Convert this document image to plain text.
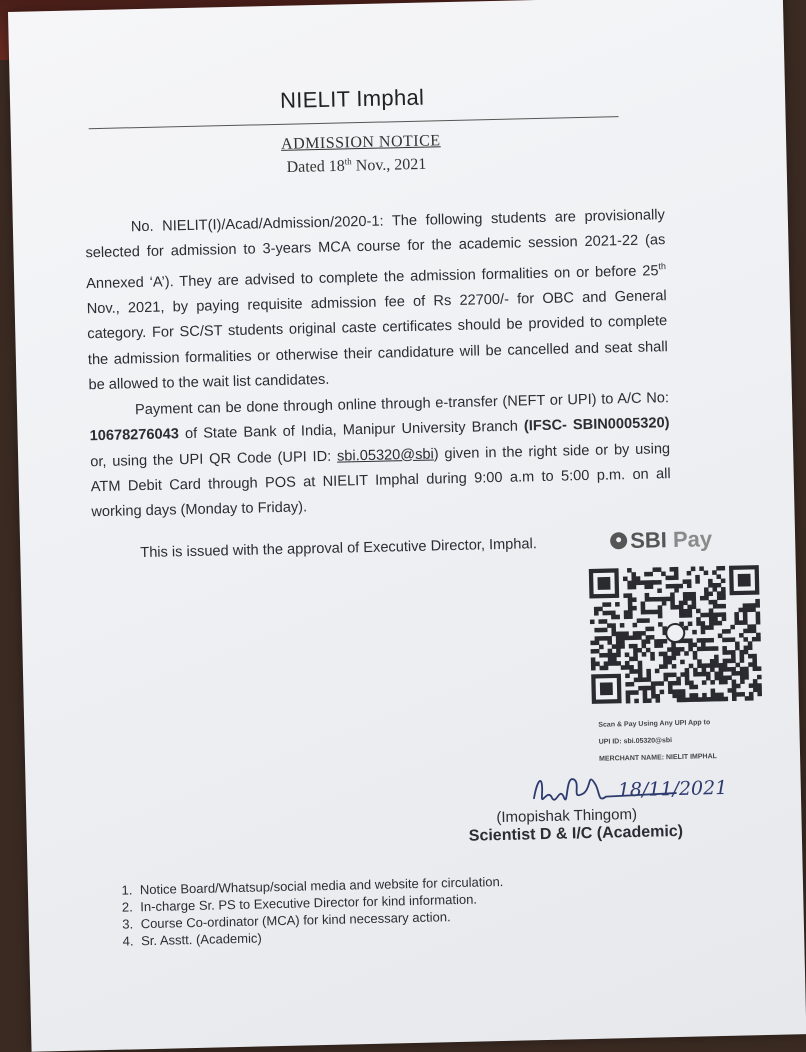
NIELIT Imphal
ADMISSION NOTICE
Dated 18th Nov., 2021

No. NIELIT(I)/Acad/Admission/2020-1: The following students are provisionally selected for admission to 3-years MCA course for the academic session 2021-22 (as Annexed ‘A’). They are advised to complete the admission formalities on or before 25th Nov., 2021, by paying requisite admission fee of Rs 22700/- for OBC and General category. For SC/ST students original caste certificates should be provided to complete the admission formalities or otherwise their candidature will be cancelled and seat shall be allowed to the wait list candidates.

Payment can be done through online through e-transfer (NEFT or UPI) to A/C No: 10678276043 of State Bank of India, Manipur University Branch (IFSC- SBIN0005320) or, using the UPI QR Code (UPI ID: sbi.05320@sbi) given in the right side or by using ATM Debit Card through POS at NIELIT Imphal during 9:00 a.m to 5:00 p.m. on all working days (Monday to Friday).

This is issued with the approval of Executive Director, Imphal.	SBI Pay
Scan & Pay Using Any UPI App to
UPI ID: sbi.05320@sbi
MERCHANT NAME: NIELIT IMPHAL
18/11/2021
(Imopishak Thingom)
Scientist D & I/C (Academic)
1. Notice Board/Whatsup/social media and website for circulation.
2. In-charge Sr. PS to Executive Director for kind information.
3. Course Co-ordinator (MCA) for kind necessary action.
4. Sr. Asstt. (Academic)
